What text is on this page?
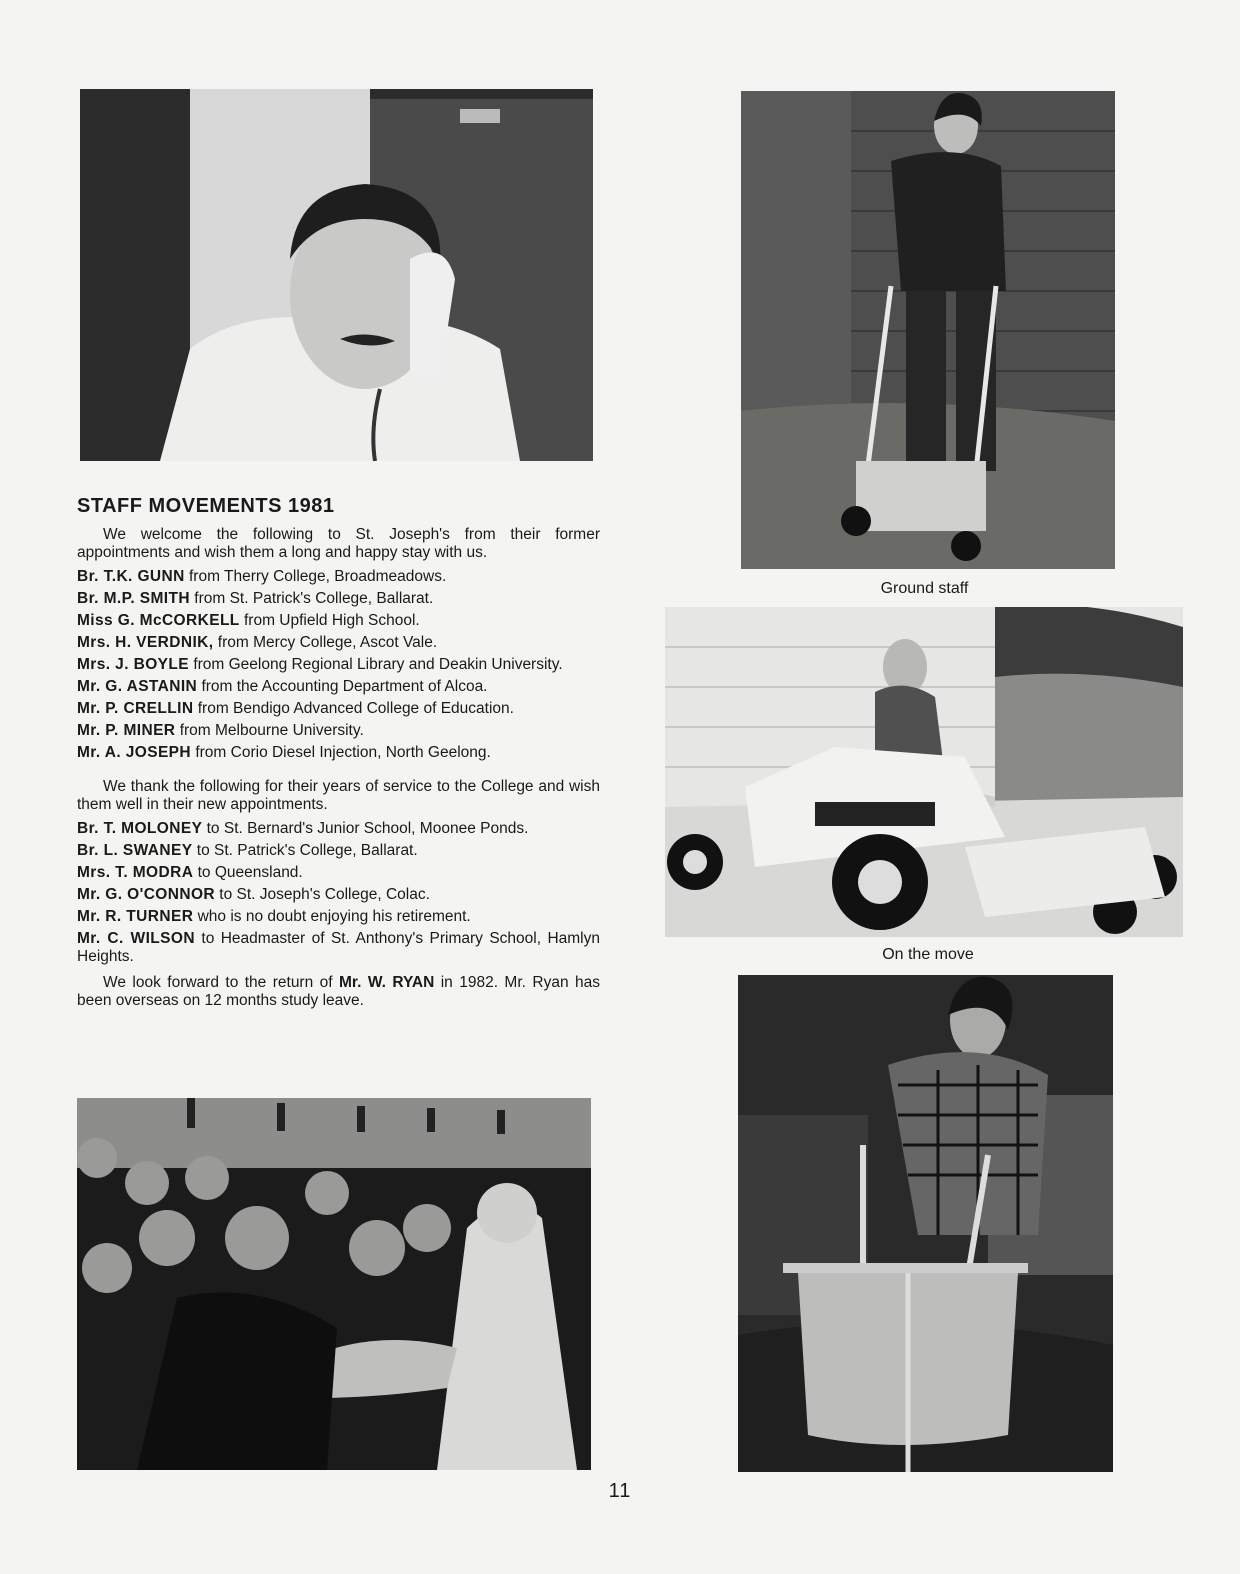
Ground staff
On the move
STAFF MOVEMENTS 1981

We welcome the following to St. Joseph's from their former appointments and wish them a long and happy stay with us.

Br. T.K. GUNN from Therry College, Broadmeadows.

Br. M.P. SMITH from St. Patrick's College, Ballarat.

Miss G. McCORKELL from Upfield High School.

Mrs. H. VERDNIK, from Mercy College, Ascot Vale.

Mrs. J. BOYLE from Geelong Regional Library and Deakin University.

Mr. G. ASTANIN from the Accounting Department of Alcoa.

Mr. P. CRELLIN from Bendigo Advanced College of Education.

Mr. P. MINER from Melbourne University.

Mr. A. JOSEPH from Corio Diesel Injection, North Geelong.

We thank the following for their years of service to the College and wish them well in their new appointments.

Br. T. MOLONEY to St. Bernard's Junior School, Moonee Ponds.

Br. L. SWANEY to St. Patrick's College, Ballarat.

Mrs. T. MODRA to Queensland.

Mr. G. O'CONNOR to St. Joseph's College, Colac.

Mr. R. TURNER who is no doubt enjoying his retirement.

Mr. C. WILSON to Headmaster of St. Anthony's Primary School, Hamlyn Heights.

We look forward to the return of Mr. W. RYAN in 1982. Mr. Ryan has been overseas on 12 months study leave.

11
